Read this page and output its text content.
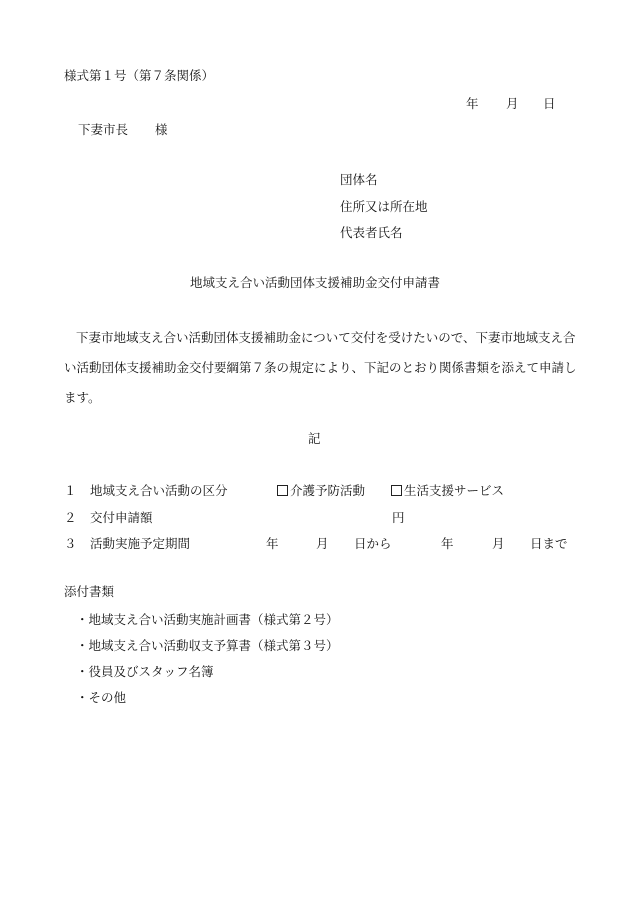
様式第１号（第７条関係）
年 月 日
下妻市長 様
団体名
住所又は所在地
代表者氏名
地域支え合い活動団体支援補助金交付申請書
下妻市地域支え合い活動団体支援補助金について交付を受けたいので、下妻市地域支え合い活動団体支援補助金交付要綱第７条の規定により、下記のとおり関係書類を添えて申請します。
記
１ 地域支え合い活動の区分	介護予防活動	生活支援サービス
２ 交付申請額	円
３ 活動実施予定期間	年	月 日から	年	月 日まで
添付書類
・地域支え合い活動実施計画書（様式第２号）
・地域支え合い活動収支予算書（様式第３号）
・役員及びスタッフ名簿
・その他
